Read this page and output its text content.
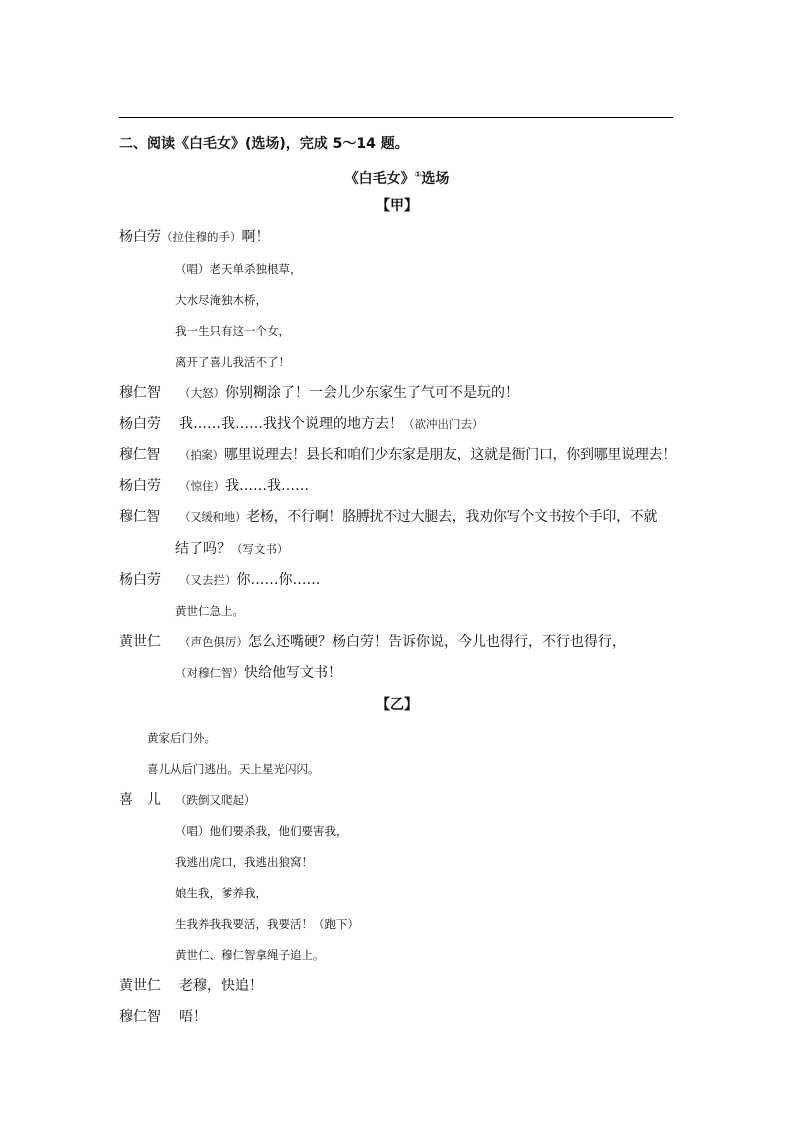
二、阅读《白毛女》(选场)，完成 5～14 题。
《白毛女》①选场
【甲】
杨白劳（拉住穆的手）啊！
（唱）老天单杀独根草，
大水尽淹独木桥，
我一生只有这一个女，
离开了喜儿我活不了！
穆仁智 （大怒）你别糊涂了！一会儿少东家生了气可不是玩的！
杨白劳 我……我……我找个说理的地方去！（欲冲出门去）
穆仁智 （拍案）哪里说理去！县长和咱们少东家是朋友，这就是衙门口，你到哪里说理去！
杨白劳 （惊住）我……我……
穆仁智 （又缓和地）老杨，不行啊！胳膊扰不过大腿去，我劝你写个文书按个手印，不就
结了吗？（写文书）
杨白劳 （又去拦）你……你……
黄世仁急上。
黄世仁 （声色俱厉）怎么还嘴硬？杨白劳！告诉你说，今儿也得行，不行也得行，
（对穆仁智）快给他写文书！
【乙】
黄家后门外。
喜儿从后门逃出。天上星光闪闪。
喜　儿 （跌倒又爬起）
（唱）他们要杀我，他们要害我，
我逃出虎口，我逃出狼窝！
娘生我，爹养我，
生我养我我要活，我要活！（跑下）
黄世仁、穆仁智拿绳子追上。
黄世仁 老穆，快追！
穆仁智 唔！
